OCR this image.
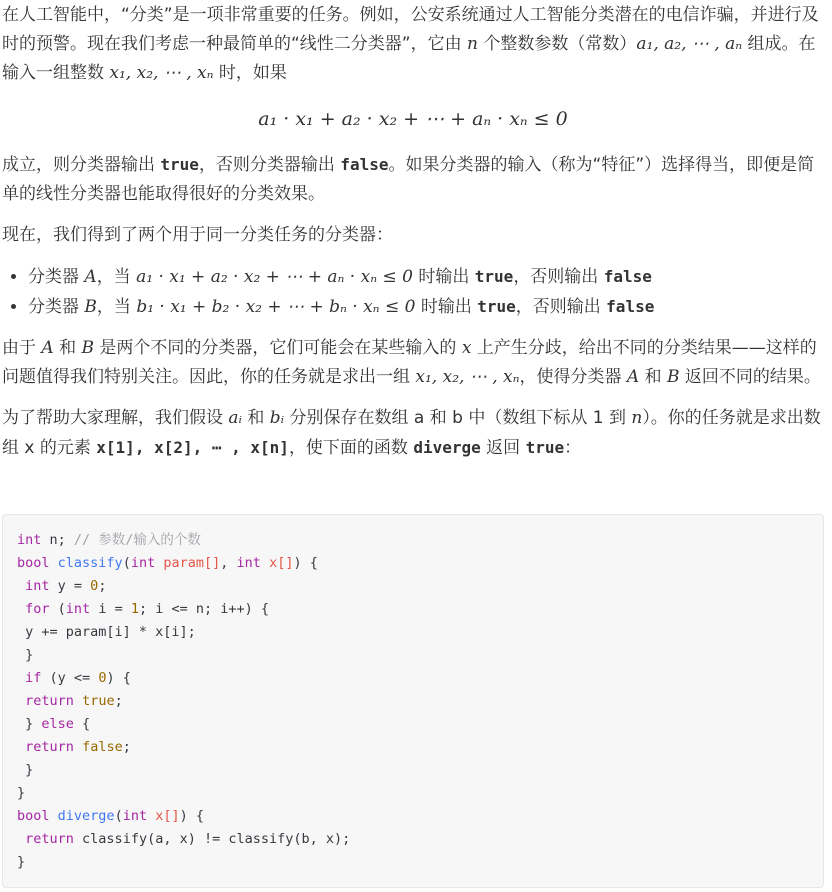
在人工智能中，“分类”是一项非常重要的任务。例如，公安系统通过人工智能分类潜在的电信诈骗，并进行及时的预警。现在我们考虑一种最简单的“线性二分类器”，它由 n 个整数参数（常数）a₁, a₂, ⋯ , aₙ 组成。在输入一组整数 x₁, x₂, ⋯ , xₙ 时，如果

a₁ · x₁ + a₂ · x₂ + ⋯ + aₙ · xₙ ≤ 0

成立，则分类器输出 true，否则分类器输出 false。如果分类器的输入（称为“特征”）选择得当，即便是简单的线性分类器也能取得很好的分类效果。

现在，我们得到了两个用于同一分类任务的分类器：

• 分类器 A，当 a₁ · x₁ + a₂ · x₂ + ⋯ + aₙ · xₙ ≤ 0 时输出 true，否则输出 false
• 分类器 B，当 b₁ · x₁ + b₂ · x₂ + ⋯ + bₙ · xₙ ≤ 0 时输出 true，否则输出 false

由于 A 和 B 是两个不同的分类器，它们可能会在某些输入的 x 上产生分歧，给出不同的分类结果——这样的问题值得我们特别关注。因此，你的任务就是求出一组 x₁, x₂, ⋯ , xₙ，使得分类器 A 和 B 返回不同的结果。

为了帮助大家理解，我们假设 aᵢ 和 bᵢ 分别保存在数组 a 和 b 中（数组下标从 1 到 n）。你的任务就是求出数组 x 的元素 x[1], x[2], ⋯ , x[n]，使下面的函数 diverge 返回 true：

int n; // 参数/输入的个数
bool classify(int param[], int x[]) {
int y = 0;
for (int i = 1; i <= n; i++) {
y += param[i] * x[i];
}
if (y <= 0) {
return true;
} else {
return false;
}
}
bool diverge(int x[]) {
return classify(a, x) != classify(b, x);
}
